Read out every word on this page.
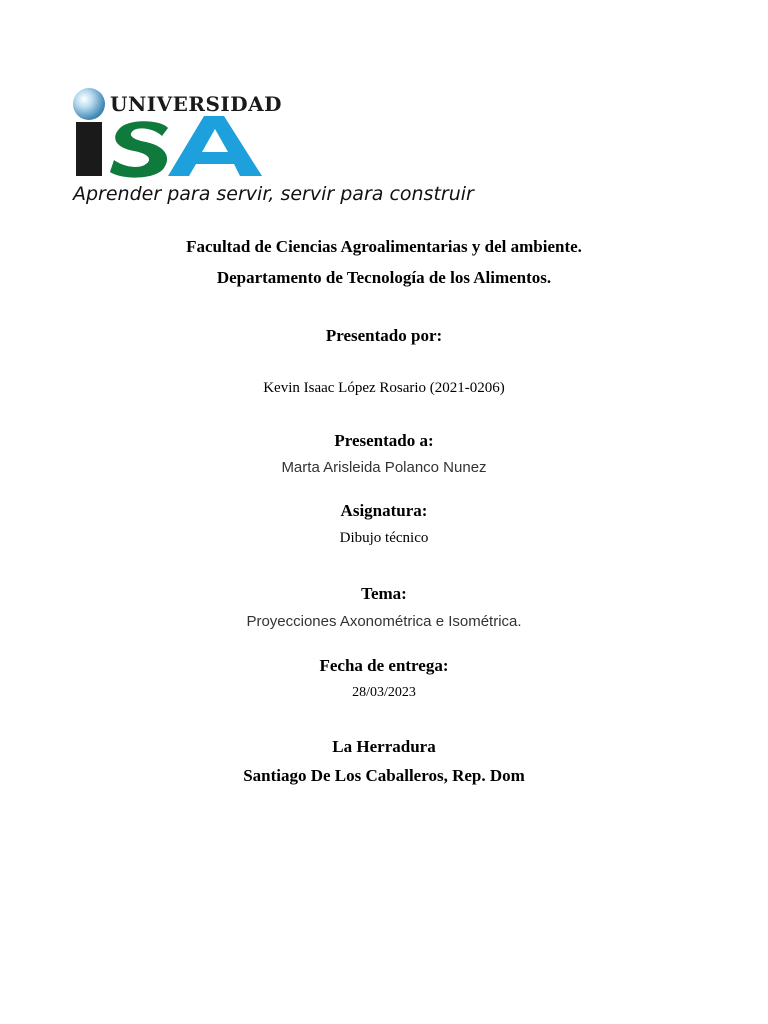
UNIVERSIDAD
Aprender para servir, servir para construir
Facultad de Ciencias Agroalimentarias y del ambiente.
Departamento de Tecnología de los Alimentos.
Presentado por:
Kevin Isaac López Rosario (2021-0206)
Presentado a:
Marta Arisleida Polanco Nunez
Asignatura:
Dibujo técnico
Tema:
Proyecciones Axonométrica e Isométrica.
Fecha de entrega:
28/03/2023
La Herradura
Santiago De Los Caballeros, Rep. Dom
